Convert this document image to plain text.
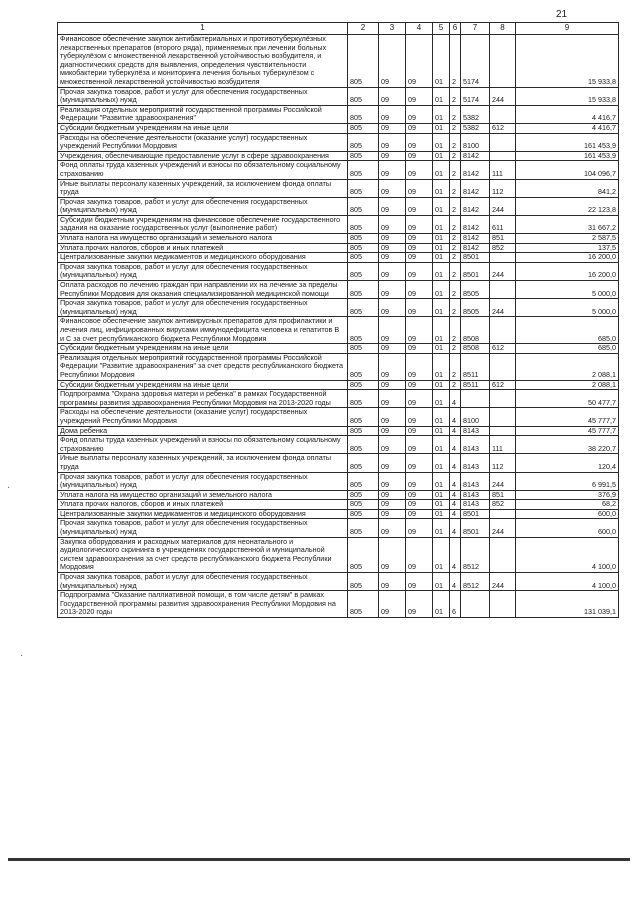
21
1	2	3	4	5	6	7	8	9
Финансовое обеспечение закупок антибактериальных и противотуберкулёзных лекарственных препаратов (второго ряда), применяемых при лечении больных туберкулёзом с множественной лекарственной устойчивостью возбудителя, и диагностических средств для выявления, определения чувствительности микобактерии туберкулёза и мониторинга лечения больных туберкулёзом с множественной лекарственной устойчивостью возбудителя	805	09	09	01	2	5174		15 933,8
Прочая закупка товаров, работ и услуг для обеспечения государственных (муниципальных) нужд	805	09	09	01	2	5174	244	15 933,8
Реализация отдельных мероприятий государственной программы Российской Федерации "Развитие здравоохранения"	805	09	09	01	2	5382		4 416,7
Субсидии бюджетным учреждениям на иные цели	805	09	09	01	2	5382	612	4 416,7
Расходы на обеспечение деятельности (оказание услуг) государственных учреждений Республики Мордовия	805	09	09	01	2	8100		161 453,9
Учреждения, обеспечивающие предоставление услуг в сфере здравоохранения	805	09	09	01	2	8142		161 453,9
Фонд оплаты труда казенных учреждений и взносы по обязательному социальному страхованию	805	09	09	01	2	8142	111	104 096,7
Иные выплаты персоналу казенных учреждений, за исключением фонда оплаты труда	805	09	09	01	2	8142	112	841,2
Прочая закупка товаров, работ и услуг для обеспечения государственных (муниципальных) нужд	805	09	09	01	2	8142	244	22 123,8
Субсидии бюджетным учреждениям на финансовое обеспечение государственного задания на оказание государственных услуг (выполнение работ)	805	09	09	01	2	8142	611	31 667,2
Уплата налога на имущество организаций и земельного налога	805	09	09	01	2	8142	851	2 587,5
Уплата прочих налогов, сборов и иных платежей	805	09	09	01	2	8142	852	137,5
Централизованные закупки медикаментов и медицинского оборудования	805	09	09	01	2	8501		16 200,0
Прочая закупка товаров, работ и услуг для обеспечения государственных (муниципальных) нужд	805	09	09	01	2	8501	244	16 200,0
Оплата расходов по лечению граждан при направлении их на лечение за пределы Республики Мордовия для оказания специализированной медицинской помощи	805	09	09	01	2	8505		5 000,0
Прочая закупка товаров, работ и услуг для обеспечения государственных (муниципальных) нужд	805	09	09	01	2	8505	244	5 000,0
Финансовое обеспечение закупок антивирусных препаратов для профилактики и лечения лиц, инфицированных вирусами иммунодефицита человека и гепатитов В и С за счет республиканского бюджета Республики Мордовия	805	09	09	01	2	8508		685,0
Субсидии бюджетным учреждениям на иные цели	805	09	09	01	2	8508	612	685,0
Реализация отдельных мероприятий государственной программы Российской Федерации "Развитие здравоохранения" за счет средств республиканского бюджета Республики Мордовия	805	09	09	01	2	8511		2 088,1
Субсидии бюджетным учреждениям на иные цели	805	09	09	01	2	8511	612	2 088,1
Подпрограмма "Охрана здоровья матери и ребенка" в рамках Государственной программы развития здравоохранения Республики Мордовия на 2013-2020 годы	805	09	09	01	4			50 477,7
Расходы на обеспечение деятельности (оказание услуг) государственных учреждений Республики Мордовия	805	09	09	01	4	8100		45 777,7
Дома ребенка	805	09	09	01	4	8143		45 777,7
Фонд оплаты труда казенных учреждений и взносы по обязательному социальному страхованию	805	09	09	01	4	8143	111	38 220,7
Иные выплаты персоналу казенных учреждений, за исключением фонда оплаты труда	805	09	09	01	4	8143	112	120,4
Прочая закупка товаров, работ и услуг для обеспечения государственных (муниципальных) нужд	805	09	09	01	4	8143	244	6 991,5
Уплата налога на имущество организаций и земельного налога	805	09	09	01	4	8143	851	376,9
Уплата прочих налогов, сборов и иных платежей	805	09	09	01	4	8143	852	68,2
Централизованные закупки медикаментов и медицинского оборудования	805	09	09	01	4	8501		600,0
Прочая закупка товаров, работ и услуг для обеспечения государственных (муниципальных) нужд	805	09	09	01	4	8501	244	600,0
Закупка оборудования и расходных материалов для неонатального и аудиологического скрининга в учреждениях государственной и муниципальной систем здравоохранения за счет средств республиканского бюджета Республики Мордовия	805	09	09	01	4	8512		4 100,0
Прочая закупка товаров, работ и услуг для обеспечения государственных (муниципальных) нужд	805	09	09	01	4	8512	244	4 100,0
Подпрограмма "Оказание паллиативной помощи, в том числе детям" в рамках Государственной программы развития здравоохранения Республики Мордовия на 2013-2020 годы	805	09	09	01	6			131 039,1
·
·
